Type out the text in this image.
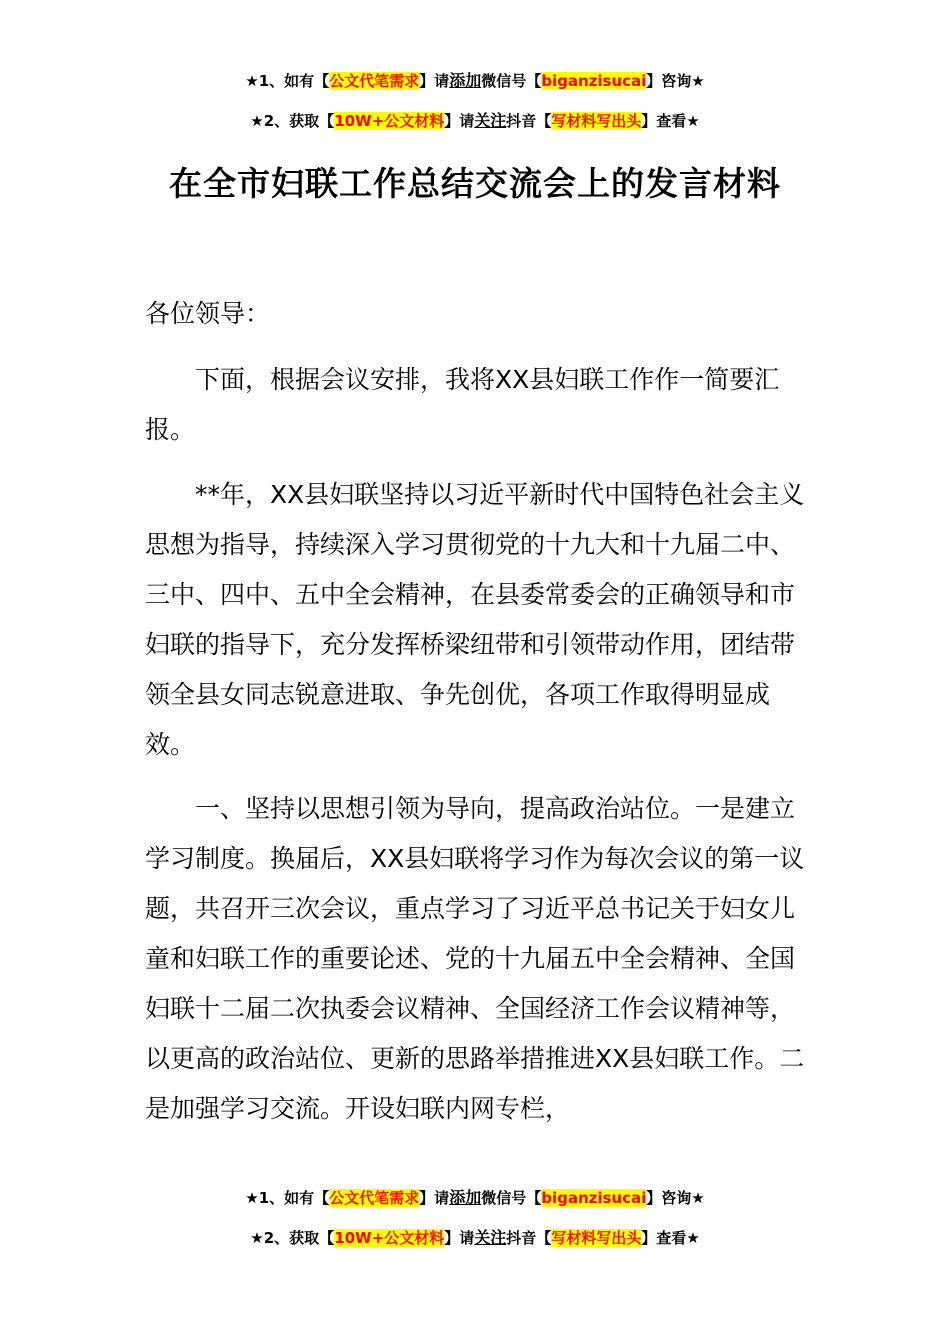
★1、如有【公文代笔需求】请添加微信号【biganzisucai】咨询★
★2、获取【10W+公文材料】请关注抖音【写材料写出头】查看★
在全市妇联工作总结交流会上的发言材料
各位领导：

下面，根据会议安排，我将XX县妇联工作作一简要汇报。

**年，XX县妇联坚持以习近平新时代中国特色社会主义思想为指导，持续深入学习贯彻党的十九大和十九届二中、三中、四中、五中全会精神，在县委常委会的正确领导和市妇联的指导下，充分发挥桥梁纽带和引领带动作用，团结带领全县女同志锐意进取、争先创优，各项工作取得明显成效。

一、坚持以思想引领为导向，提高政治站位。一是建立学习制度。换届后，XX县妇联将学习作为每次会议的第一议题，共召开三次会议，重点学习了习近平总书记关于妇女儿童和妇联工作的重要论述、党的十九届五中全会精神、全国妇联十二届二次执委会议精神、全国经济工作会议精神等，以更高的政治站位、更新的思路举措推进XX县妇联工作。二是加强学习交流。开设妇联内网专栏，

★1、如有【公文代笔需求】请添加微信号【biganzisucai】咨询★
★2、获取【10W+公文材料】请关注抖音【写材料写出头】查看★
